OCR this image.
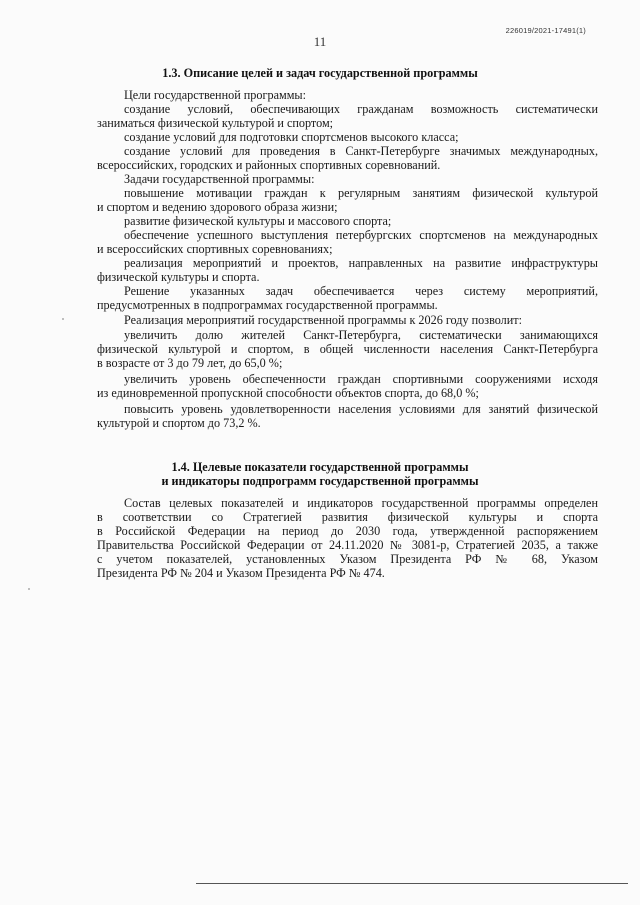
11
226019/2021-17491(1)
1.3. Описание целей и задач государственной программы
Цели государственной программы:
создание условий, обеспечивающих гражданам возможность систематически
заниматься физической культурой и спортом;
создание условий для подготовки спортсменов высокого класса;
создание условий для проведения в Санкт-Петербурге значимых международных,
всероссийских, городских и районных спортивных соревнований.
Задачи государственной программы:
повышение мотивации граждан к регулярным занятиям физической культурой
и спортом и ведению здорового образа жизни;
развитие физической культуры и массового спорта;
обеспечение успешного выступления петербургских спортсменов на международных
и всероссийских спортивных соревнованиях;
реализация мероприятий и проектов, направленных на развитие инфраструктуры
физической культуры и спорта.
Решение указанных задач обеспечивается через систему мероприятий,
предусмотренных в подпрограммах государственной программы.
Реализация мероприятий государственной программы к 2026 году позволит:
увеличить долю жителей Санкт-Петербурга, систематически занимающихся
физической культурой и спортом, в общей численности населения Санкт-Петербурга
в возрасте от 3 до 79 лет, до 65,0 %;
увеличить уровень обеспеченности граждан спортивными сооружениями исходя
из единовременной пропускной способности объектов спорта, до 68,0 %;
повысить уровень удовлетворенности населения условиями для занятий физической
культурой и спортом до 73,2 %.
1.4. Целевые показатели государственной программы
и индикаторы подпрограмм государственной программы
Состав целевых показателей и индикаторов государственной программы определен
в соответствии со Стратегией развития физической культуры и спорта
в Российской Федерации на период до 2030 года, утвержденной распоряжением
Правительства Российской Федерации от 24.11.2020 № 3081-р, Стратегией 2035, а также
с учетом показателей, установленных Указом Президента РФ № 68, Указом
Президента РФ № 204 и Указом Президента РФ № 474.
